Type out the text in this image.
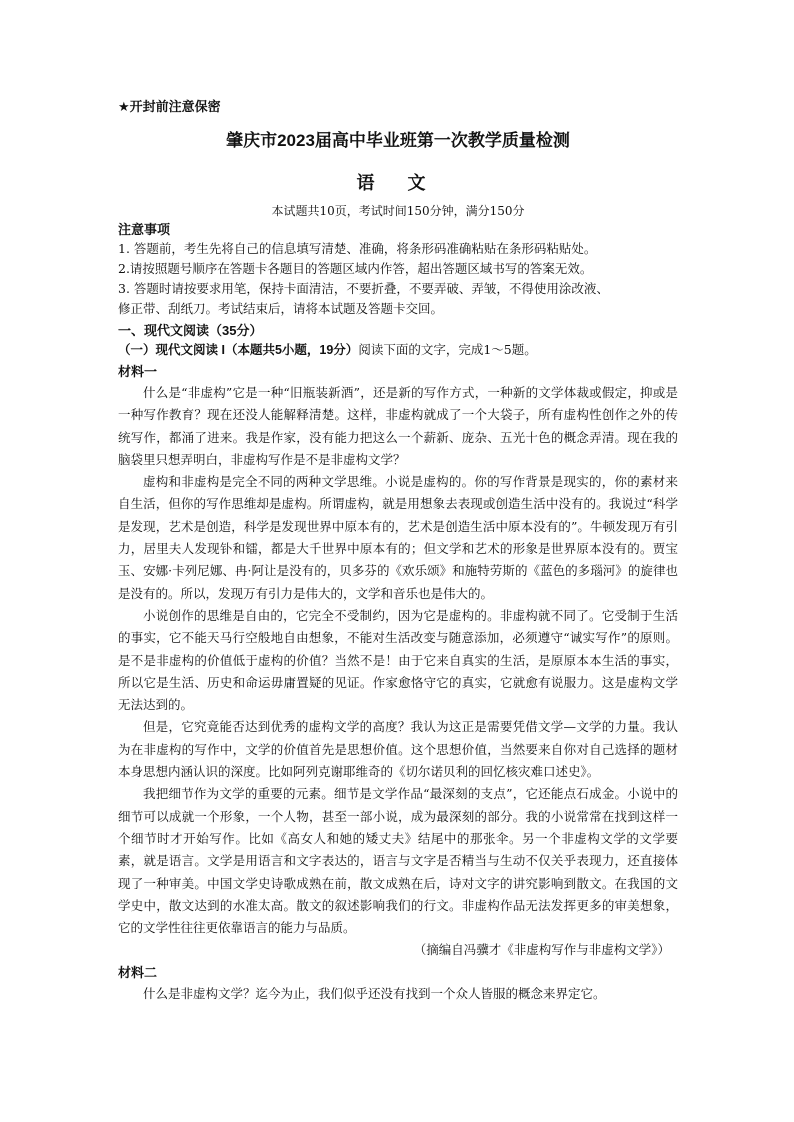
★开封前注意保密
肇庆市2023届高中毕业班第一次教学质量检测
语 文
本试题共10页，考试时间150分钟，满分150分
注意事项
1. 答题前，考生先将自己的信息填写清楚、准确，将条形码准确粘贴在条形码粘贴处。
2.请按照题号顺序在答题卡各题目的答题区域内作答，超出答题区域书写的答案无效。
3. 答题时请按要求用笔，保持卡面清洁，不要折叠，不要弄破、弄皱，不得使用涂改液、
修正带、刮纸刀。考试结束后，请将本试题及答题卡交回。
一、现代文阅读（35分）
（一）现代文阅读 I（本题共5小题，19分）阅读下面的文字，完成1～5题。
材料一

什么是“非虚构”它是一种“旧瓶装新酒”，还是新的写作方式，一种新的文学体裁或假定，抑或是一种写作教育？现在还没人能解释清楚。这样，非虚构就成了一个大袋子，所有虚构性创作之外的传统写作，都涌了进来。我是作家，没有能力把这么一个薪新、庞杂、五光十色的概念弄清。现在我的脑袋里只想弄明白，非虚构写作是不是非虚构文学？

虚构和非虚构是完全不同的两种文学思维。小说是虚构的。你的写作背景是现实的，你的素材来自生活，但你的写作思维却是虚构。所谓虚构，就是用想象去表现或创造生活中没有的。我说过“科学是发现，艺术是创造，科学是发现世界中原本有的，艺术是创造生活中原本没有的”。牛顿发现万有引力，居里夫人发现钋和镭，都是大千世界中原本有的；但文学和艺术的形象是世界原本没有的。贾宝玉、安娜·卡列尼娜、冉·阿让是没有的，贝多芬的《欢乐颂》和施特劳斯的《蓝色的多瑙河》的旋律也是没有的。所以，发现万有引力是伟大的，文学和音乐也是伟大的。

小说创作的思维是自由的，它完全不受制约，因为它是虚构的。非虚构就不同了。它受制于生活的事实，它不能天马行空般地自由想象，不能对生活改变与随意添加，必须遵守“诚实写作”的原则。是不是非虚构的价值低于虚构的价值？当然不是！由于它来自真实的生活，是原原本本生活的事实，所以它是生活、历史和命运毋庸置疑的见证。作家愈恪守它的真实，它就愈有说服力。这是虚构文学无法达到的。

但是，它究竟能否达到优秀的虚构文学的高度？我认为这正是需要凭借文学—文学的力量。我认为在非虚构的写作中，文学的价值首先是思想价值。这个思想价值，当然要来自你对自己选择的题材本身思想内涵认识的深度。比如阿列克谢耶维奇的《切尔诺贝利的回忆核灾难口述史》。

我把细节作为文学的重要的元素。细节是文学作品“最深刻的支点”，它还能点石成金。小说中的细节可以成就一个形象，一个人物，甚至一部小说，成为最深刻的部分。我的小说常常在找到这样一个细节时才开始写作。比如《高女人和她的矮丈夫》结尾中的那张伞。另一个非虚构文学的文学要素，就是语言。文学是用语言和文字表达的，语言与文字是否精当与生动不仅关乎表现力，还直接体现了一种审美。中国文学史诗歌成熟在前，散文成熟在后，诗对文字的讲究影响到散文。在我国的文学史中，散文达到的水准太高。散文的叙述影响我们的行文。非虚构作品无法发挥更多的审美想象，它的文学性往往更依靠语言的能力与品质。

（摘编自冯骥才《非虚构写作与非虚构文学》）
材料二

什么是非虚构文学？迄今为止，我们似乎还没有找到一个众人皆服的概念来界定它。
